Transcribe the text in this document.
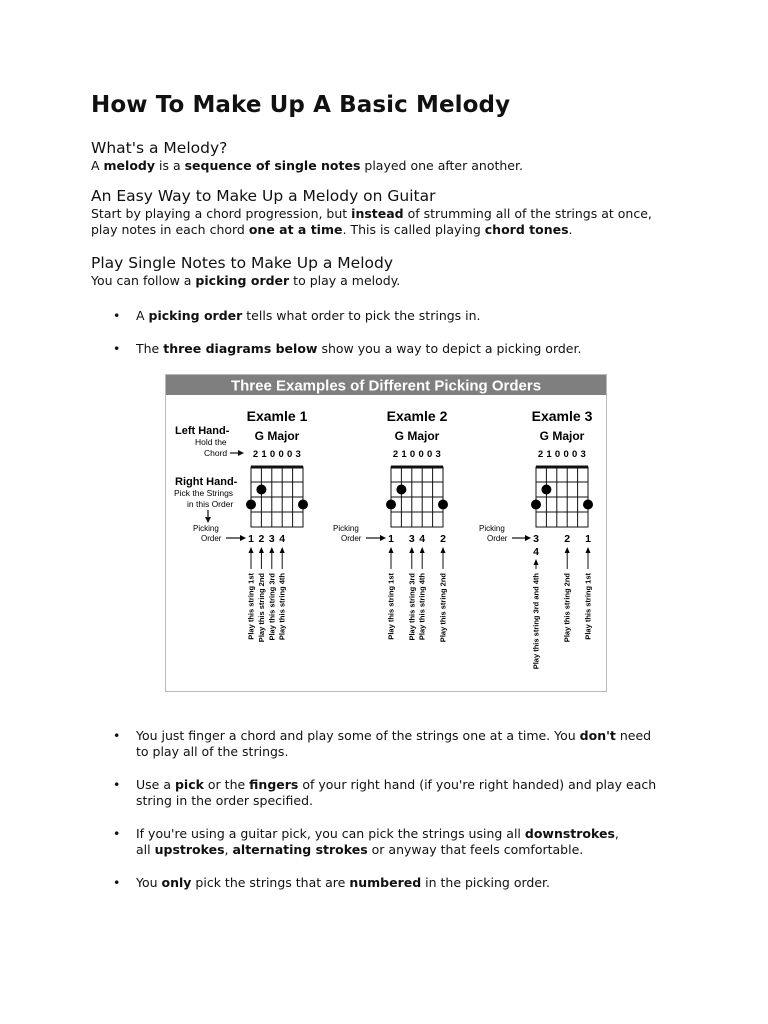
How To Make Up A Basic Melody
What's a Melody?

A melody is a sequence of single notes played one after another.

An Easy Way to Make Up a Melody on Guitar

Start by playing a chord progression, but instead of strumming all of the strings at once,

play notes in each chord one at a time. This is called playing chord tones.

Play Single Notes to Make Up a Melody

You can follow a picking order to play a melody.

• A picking order tells what order to pick the strings in.
• The three diagrams below show you a way to depict a picking order.
Three Examples of Different Picking Orders
Left Hand-
Hold the
Chord
Right Hand-
Pick the Strings
in this Order
Examle 1
G Major
2 1 0 0 0 3
Picking
Order	1
Play this string 1st
2
Play this string 2nd
3
Play this string 3rd
4
Play this string 4th
Examle 2
G Major
2 1 0 0 0 3
Picking
Order	1
Play this string 1st
3
Play this string 3rd
4
Play this string 4th
2
Play this string 2nd
Examle 3
G Major
2 1 0 0 0 3
Picking
Order 3
4
Play this string 3rd and 4th
2
Play this string 2nd
1
Play this string 1st
• You just finger a chord and play some of the strings one at a time. You don't need
to play all of the strings.
• Use a pick or the fingers of your right hand (if you're right handed) and play each
string in the order specified.
• If you're using a guitar pick, you can pick the strings using all downstrokes,
all upstrokes, alternating strokes or anyway that feels comfortable.
• You only pick the strings that are numbered in the picking order.
